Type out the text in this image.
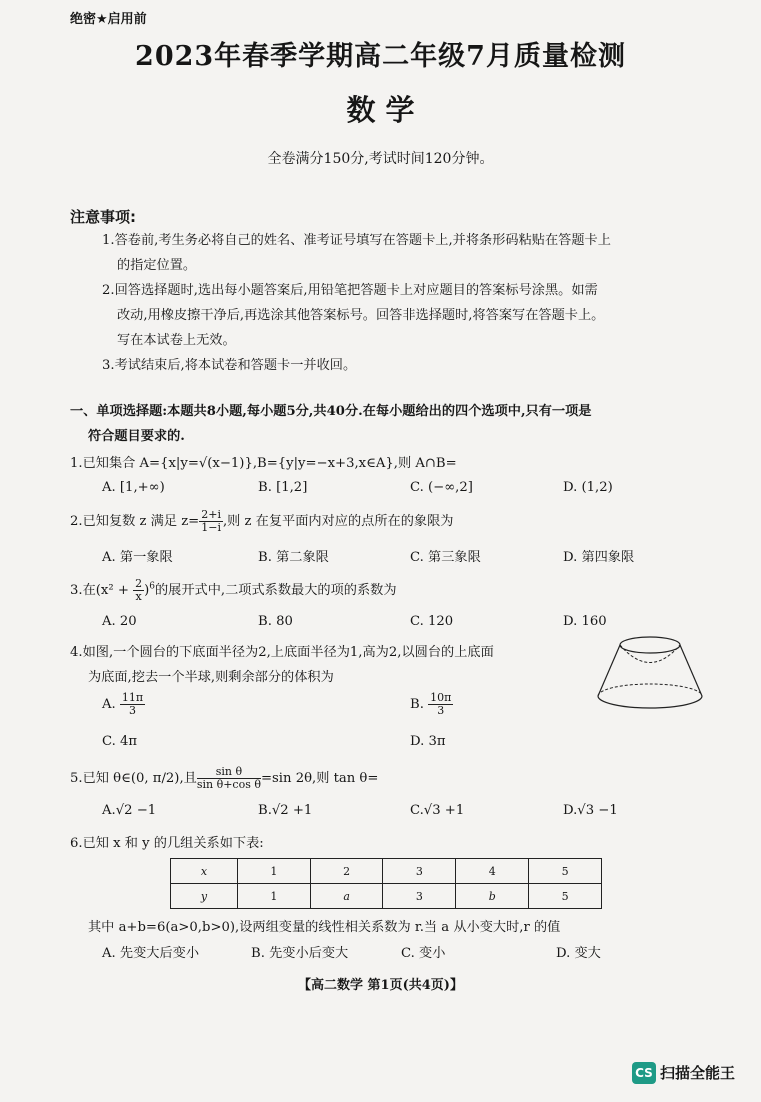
绝密★启用前
2023年春季学期高二年级7月质量检测
数 学
全卷满分150分,考试时间120分钟。
注意事项:
1.答卷前,考生务必将自己的姓名、准考证号填写在答题卡上,并将条形码粘贴在答题卡上
的指定位置。
2.回答选择题时,选出每小题答案后,用铅笔把答题卡上对应题目的答案标号涂黑。如需
改动,用橡皮擦干净后,再选涂其他答案标号。回答非选择题时,将答案写在答题卡上。
写在本试卷上无效。
3.考试结束后,将本试卷和答题卡一并收回。
一、单项选择题:本题共8小题,每小题5分,共40分.在每小题给出的四个选项中,只有一项是
符合题目要求的.
1.已知集合 A={x|y=√(x−1)},B={y|y=−x+3,x∈A},则 A∩B=
A. [1,+∞)	B. [1,2]	C. (−∞,2]	D. (1,2)
2.已知复数 z 满足 $z= \frac{2+i}{1-i}$ ,则 z 在复平面内对应的点所在的象限为
A. 第一象限	B. 第二象限	C. 第三象限	D. 第四象限
3.在$(x^2 + \frac{2}{x} )^6$的展开式中,二项式系数最大的项的系数为
A. 20	B. 80	C. 120	D. 160
4.如图,一个圆台的下底面半径为2,上底面半径为1,高为2,以圆台的上底面
为底面,挖去一个半球,则剩余部分的体积为
A. $\frac{11\pi}{3}$	B. $\frac{10\pi}{3}$
C. 4π	D. 3π
5.已知 θ∈(0, π/2),且 $\frac{\text{sin θ}}{\text{sin θ+cos θ}} =\sin$ 2θ,则 tan θ=
A.√2 −1	B.√2 +1	C.√3 +1	D.√3 −1
6.已知 x 和 y 的几组关系如下表:
x	1	2	3	4	5
y	1	a	3	b	5
其中 a+b=6(a>0,b>0),设两组变量的线性相关系数为 r.当 a 从小变大时,r 的值
A. 先变大后变小	B. 先变小后变大	C. 变小	D. 变大
【高二数学 第1页(共4页)】
CS 扫描全能王
